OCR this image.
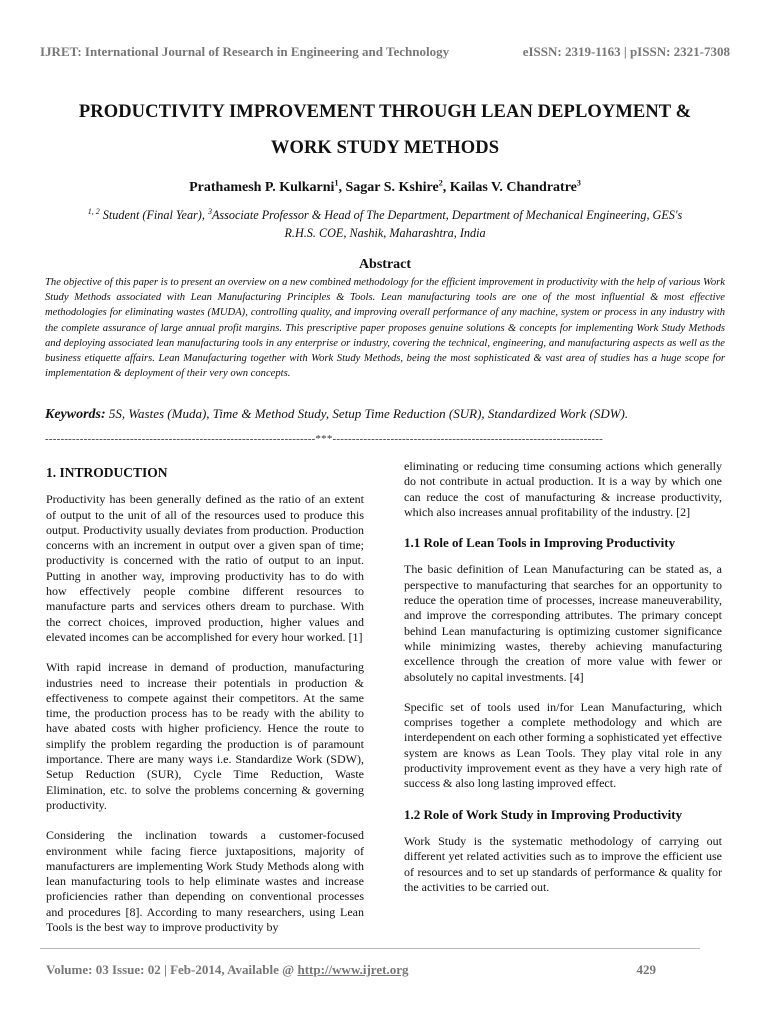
IJRET: International Journal of Research in Engineering and Technology	eISSN: 2319-1163 | pISSN: 2321-7308
PRODUCTIVITY IMPROVEMENT THROUGH LEAN DEPLOYMENT &
WORK STUDY METHODS
Prathamesh P. Kulkarni$^1$, Sagar S. Kshire$^2$, Kailas V. Chandratre$^3$
$^{1, 2}$ Student (Final Year), $^3$Associate Professor & Head of The Department, Department of Mechanical Engineering, GES's
R.H.S. COE, Nashik, Maharashtra, India
Abstract
The objective of this paper is to present an overview on a new combined methodology for the efficient improvement in productivity with the help of various Work Study Methods associated with Lean Manufacturing Principles & Tools. Lean manufacturing tools are one of the most influential & most effective methodologies for eliminating wastes (MUDA), controlling quality, and improving overall performance of any machine, system or process in any industry with the complete assurance of large annual profit margins. This prescriptive paper proposes genuine solutions & concepts for implementing Work Study Methods and deploying associated lean manufacturing tools in any enterprise or industry, covering the technical, engineering, and manufacturing aspects as well as the business etiquette affairs. Lean Manufacturing together with Work Study Methods, being the most sophisticated & vast area of studies has a huge scope for implementation & deployment of their very own concepts.
Keywords: 5S, Wastes (Muda), Time & Method Study, Setup Time Reduction (SUR), Standardized Work (SDW).
----------------------------------------------------------------------***----------------------------------------------------------------------
1. INTRODUCTION

Productivity has been generally defined as the ratio of an extent of output to the unit of all of the resources used to produce this output. Productivity usually deviates from production. Production concerns with an increment in output over a given span of time; productivity is concerned with the ratio of output to an input. Putting in another way, improving productivity has to do with how effectively people combine different resources to manufacture parts and services others dream to purchase. With the correct choices, improved production, higher values and elevated incomes can be accomplished for every hour worked. [1]

With rapid increase in demand of production, manufacturing industries need to increase their potentials in production & effectiveness to compete against their competitors. At the same time, the production process has to be ready with the ability to have abated costs with higher proficiency. Hence the route to simplify the problem regarding the production is of paramount importance. There are many ways i.e. Standardize Work (SDW), Setup Reduction (SUR), Cycle Time Reduction, Waste Elimination, etc. to solve the problems concerning & governing productivity.

Considering the inclination towards a customer-focused environment while facing fierce juxtapositions, majority of manufacturers are implementing Work Study Methods along with lean manufacturing tools to help eliminate wastes and increase proficiencies rather than depending on conventional processes and procedures [8]. According to many researchers, using Lean Tools is the best way to improve productivity by

eliminating or reducing time consuming actions which generally do not contribute in actual production. It is a way by which one can reduce the cost of manufacturing & increase productivity, which also increases annual profitability of the industry. [2]

1.1 Role of Lean Tools in Improving Productivity

The basic definition of Lean Manufacturing can be stated as, a perspective to manufacturing that searches for an opportunity to reduce the operation time of processes, increase maneuverability, and improve the corresponding attributes. The primary concept behind Lean manufacturing is optimizing customer significance while minimizing wastes, thereby achieving manufacturing excellence through the creation of more value with fewer or absolutely no capital investments. [4]

Specific set of tools used in/for Lean Manufacturing, which comprises together a complete methodology and which are interdependent on each other forming a sophisticated yet effective system are knows as Lean Tools. They play vital role in any productivity improvement event as they have a very high rate of success & also long lasting improved effect.

1.2 Role of Work Study in Improving Productivity

Work Study is the systematic methodology of carrying out different yet related activities such as to improve the efficient use of resources and to set up standards of performance & quality for the activities to be carried out.

Volume: 03 Issue: 02 | Feb-2014, Available @ http://www.ijret.org	429
